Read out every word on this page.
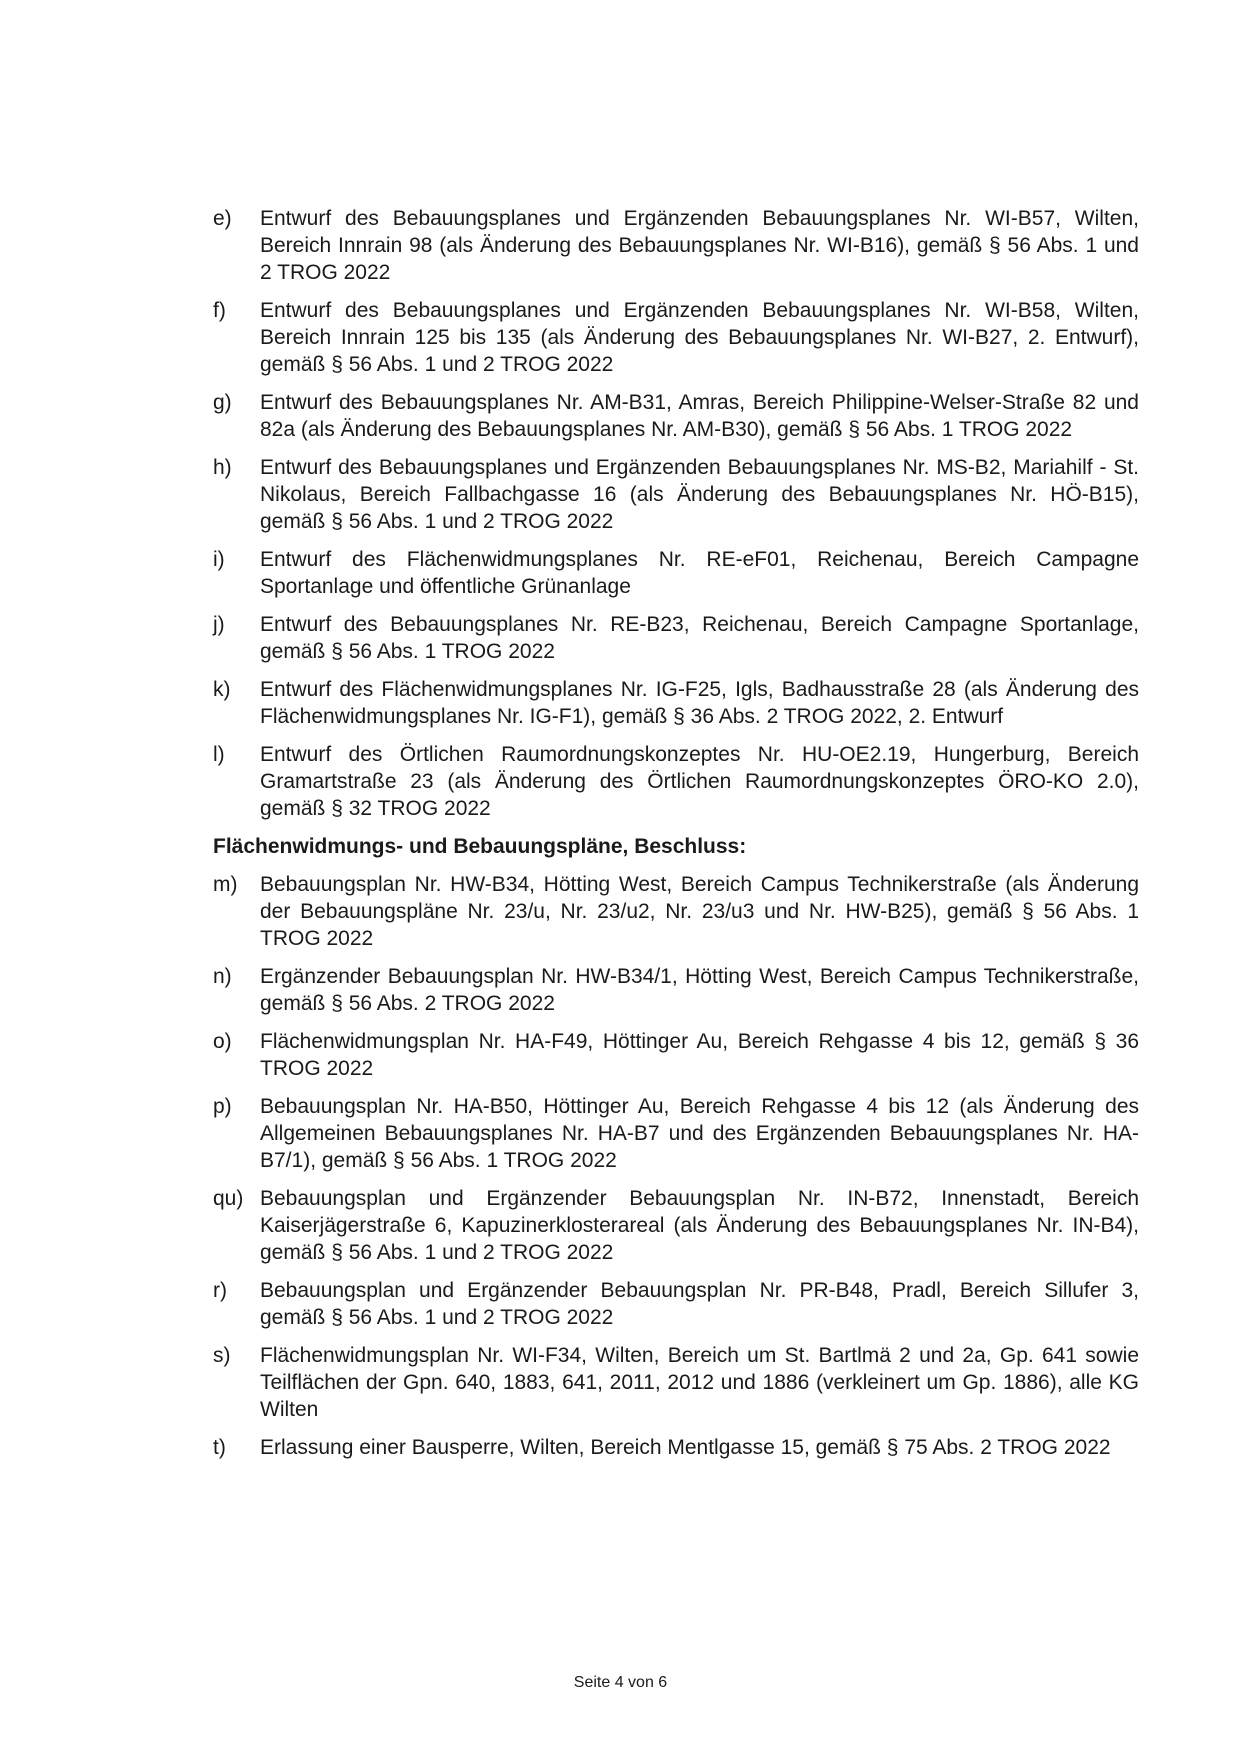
e) Entwurf des Bebauungsplanes und Ergänzenden Bebauungsplanes Nr. WI-B57, Wilten, Bereich Innrain 98 (als Änderung des Bebauungsplanes Nr. WI-B16), gemäß § 56 Abs. 1 und 2 TROG 2022
f) Entwurf des Bebauungsplanes und Ergänzenden Bebauungsplanes Nr. WI-B58, Wilten, Bereich Innrain 125 bis 135 (als Änderung des Bebauungsplanes Nr. WI-B27, 2. Entwurf), gemäß § 56 Abs. 1 und 2 TROG 2022
g) Entwurf des Bebauungsplanes Nr. AM-B31, Amras, Bereich Philippine-Welser-Straße 82 und 82a (als Änderung des Bebauungsplanes Nr. AM-B30), gemäß § 56 Abs. 1 TROG 2022
h) Entwurf des Bebauungsplanes und Ergänzenden Bebauungsplanes Nr. MS-B2, Mariahilf - St. Nikolaus, Bereich Fallbachgasse 16 (als Änderung des Bebauungsplanes Nr. HÖ-B15), gemäß § 56 Abs. 1 und 2 TROG 2022
i) Entwurf des Flächenwidmungsplanes Nr. RE-eF01, Reichenau, Bereich Campagne Sportanlage und öffentliche Grünanlage
j) Entwurf des Bebauungsplanes Nr. RE-B23, Reichenau, Bereich Campagne Sportanlage, gemäß § 56 Abs. 1 TROG 2022
k) Entwurf des Flächenwidmungsplanes Nr. IG-F25, Igls, Badhausstraße 28 (als Änderung des Flächenwidmungsplanes Nr. IG-F1), gemäß § 36 Abs. 2 TROG 2022, 2. Entwurf
l) Entwurf des Örtlichen Raumordnungskonzeptes Nr. HU-OE2.19, Hungerburg, Bereich Gramartstraße 23 (als Änderung des Örtlichen Raumordnungskonzeptes ÖRO-KO 2.0), gemäß § 32 TROG 2022
Flächenwidmungs- und Bebauungspläne, Beschluss:
m) Bebauungsplan Nr. HW-B34, Hötting West, Bereich Campus Technikerstraße (als Änderung der Bebauungspläne Nr. 23/u, Nr. 23/u2, Nr. 23/u3 und Nr. HW-B25), gemäß § 56 Abs. 1 TROG 2022
n) Ergänzender Bebauungsplan Nr. HW-B34/1, Hötting West, Bereich Campus Technikerstraße, gemäß § 56 Abs. 2 TROG 2022
o) Flächenwidmungsplan Nr. HA-F49, Höttinger Au, Bereich Rehgasse 4 bis 12, gemäß § 36 TROG 2022
p) Bebauungsplan Nr. HA-B50, Höttinger Au, Bereich Rehgasse 4 bis 12 (als Änderung des Allgemeinen Bebauungsplanes Nr. HA-B7 und des Ergänzenden Bebauungsplanes Nr. HA-B7/1), gemäß § 56 Abs. 1 TROG 2022
qu) Bebauungsplan und Ergänzender Bebauungsplan Nr. IN-B72, Innenstadt, Bereich Kaiserjägerstraße 6, Kapuzinerklosterareal (als Änderung des Bebauungsplanes Nr. IN-B4), gemäß § 56 Abs. 1 und 2 TROG 2022
r) Bebauungsplan und Ergänzender Bebauungsplan Nr. PR-B48, Pradl, Bereich Sillufer 3, gemäß § 56 Abs. 1 und 2 TROG 2022
s) Flächenwidmungsplan Nr. WI-F34, Wilten, Bereich um St. Bartlmä 2 und 2a, Gp. 641 sowie Teilflächen der Gpn. 640, 1883, 641, 2011, 2012 und 1886 (verkleinert um Gp. 1886), alle KG Wilten
t) Erlassung einer Bausperre, Wilten, Bereich Mentlgasse 15, gemäß § 75 Abs. 2 TROG 2022
Seite 4 von 6
